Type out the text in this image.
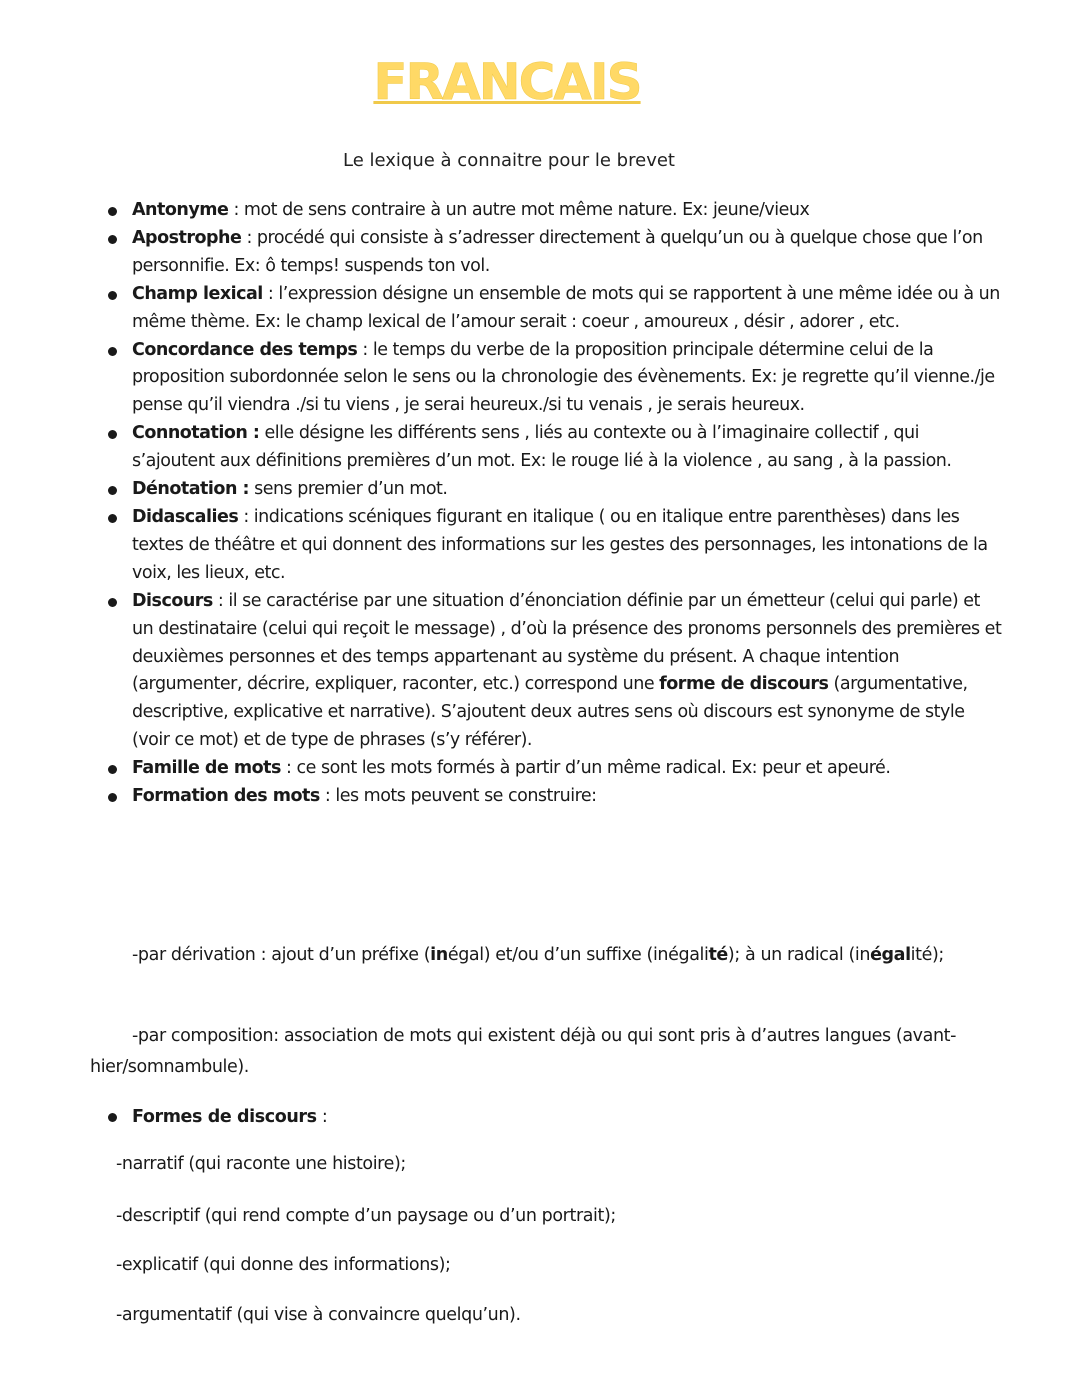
FRANCAIS
Le lexique à connaitre pour le brevet
Antonyme : mot de sens contraire à un autre mot même nature. Ex: jeune/vieux
Apostrophe : procédé qui consiste à s’adresser directement à quelqu’un ou à quelque chose que l’on personnifie. Ex: ô temps! suspends ton vol.
Champ lexical : l’expression désigne un ensemble de mots qui se rapportent à une même idée ou à un même thème. Ex: le champ lexical de l’amour serait : coeur , amoureux , désir , adorer , etc.
Concordance des temps : le temps du verbe de la proposition principale détermine celui de la proposition subordonnée selon le sens ou la chronologie des évènements. Ex: je regrette qu’il vienne./je pense qu’il viendra ./si tu viens , je serai heureux./si tu venais , je serais heureux.
Connotation : elle désigne les différents sens , liés au contexte ou à l’imaginaire collectif , qui s’ajoutent aux définitions premières d’un mot. Ex: le rouge lié à la violence , au sang , à la passion.
Dénotation : sens premier d’un mot.
Didascalies : indications scéniques figurant en italique ( ou en italique entre parenthèses) dans les textes de théâtre et qui donnent des informations sur les gestes des personnages, les intonations de la voix, les lieux, etc.
Discours : il se caractérise par une situation d’énonciation définie par un émetteur (celui qui parle) et un destinataire (celui qui reçoit le message) , d’où la présence des pronoms personnels des premières et deuxièmes personnes et des temps appartenant au système du présent. A chaque intention (argumenter, décrire, expliquer, raconter, etc.) correspond une forme de discours (argumentative, descriptive, explicative et narrative). S’ajoutent deux autres sens où discours est synonyme de style (voir ce mot) et de type de phrases (s’y référer).
Famille de mots : ce sont les mots formés à partir d’un même radical. Ex: peur et apeuré.
Formation des mots : les mots peuvent se construire:

-par dérivation : ajout d’un préfixe (inégal) et/ou d’un suffixe (inégalité); à un radical (inégalité);

-par composition: association de mots qui existent déjà ou qui sont pris à d’autres langues (avant-hier/somnambule).

Formes de discours :

-narratif (qui raconte une histoire);

-descriptif (qui rend compte d’un paysage ou d’un portrait);

-explicatif (qui donne des informations);

-argumentatif (qui vise à convaincre quelqu’un).
